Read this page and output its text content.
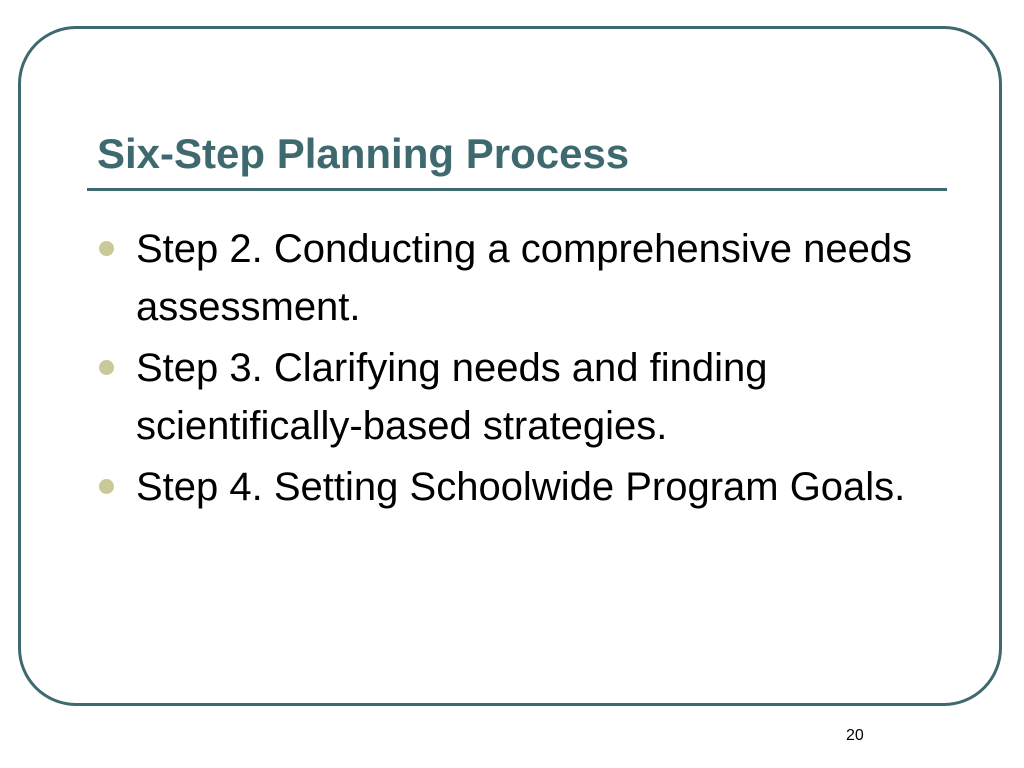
Six-Step Planning Process
Step 2. Conducting a comprehensive needs assessment.
Step 3. Clarifying needs and finding scientifically-based strategies.
Step 4. Setting Schoolwide Program Goals.
20
